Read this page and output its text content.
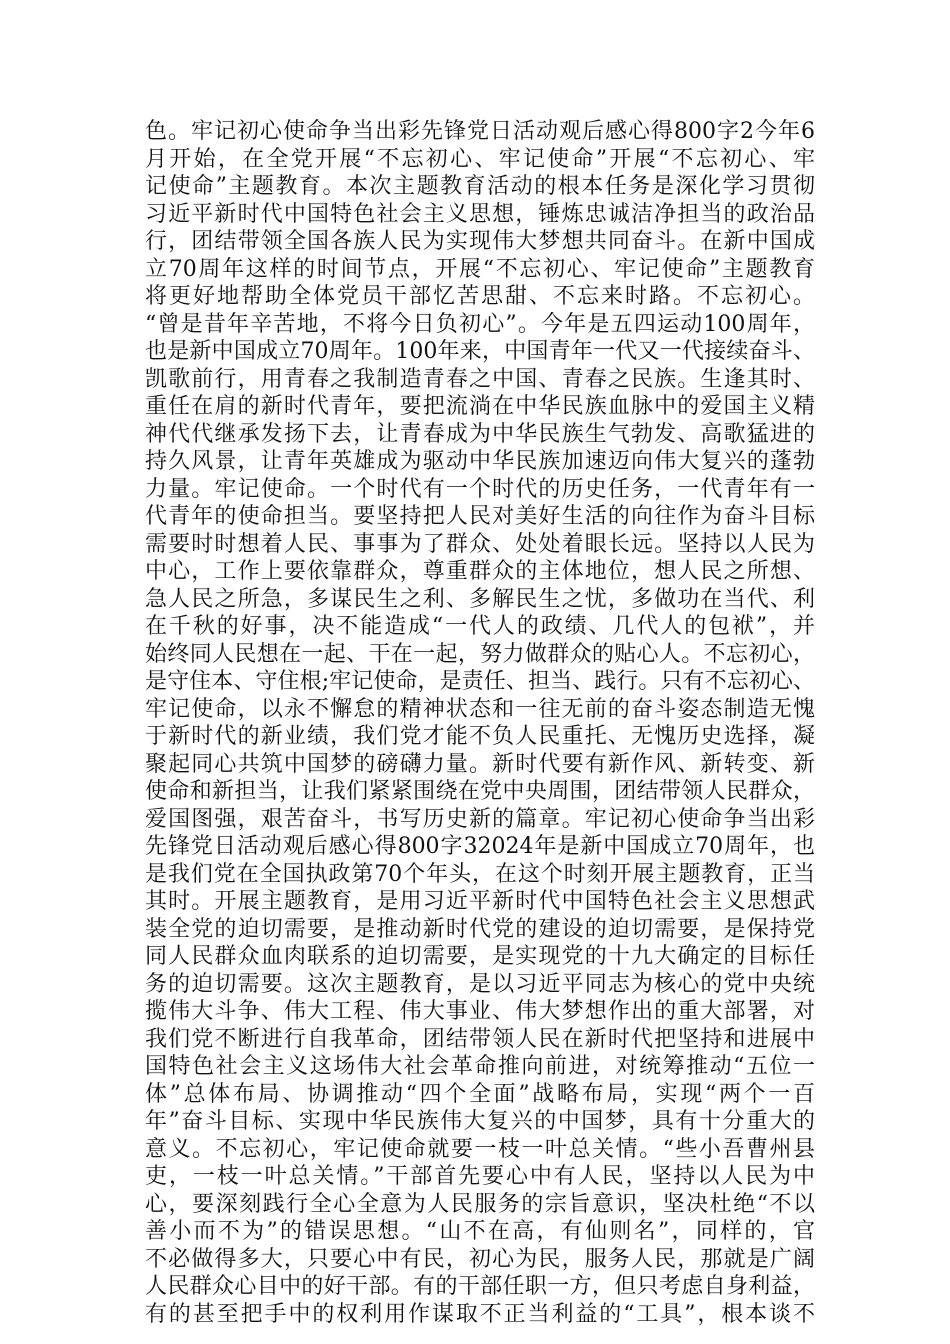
色。牢记初心使命争当出彩先锋党日活动观后感心得800字2今年6
月开始，在全党开展“不忘初心、牢记使命”开展“不忘初心、牢
记使命”主题教育。本次主题教育活动的根本任务是深化学习贯彻
习近平新时代中国特色社会主义思想，锤炼忠诚洁净担当的政治品
行，团结带领全国各族人民为实现伟大梦想共同奋斗。在新中国成
立70周年这样的时间节点，开展“不忘初心、牢记使命”主题教育
将更好地帮助全体党员干部忆苦思甜、不忘来时路。不忘初心。
“曾是昔年辛苦地，不将今日负初心”。今年是五四运动100周年，
也是新中国成立70周年。100年来，中国青年一代又一代接续奋斗、
凯歌前行，用青春之我制造青春之中国、青春之民族。生逢其时、
重任在肩的新时代青年，要把流淌在中华民族血脉中的爱国主义精
神代代继承发扬下去，让青春成为中华民族生气勃发、高歌猛进的
持久风景，让青年英雄成为驱动中华民族加速迈向伟大复兴的蓬勃
力量。牢记使命。一个时代有一个时代的历史任务，一代青年有一
代青年的使命担当。要坚持把人民对美好生活的向往作为奋斗目标
需要时时想着人民、事事为了群众、处处着眼长远。坚持以人民为
中心，工作上要依靠群众，尊重群众的主体地位，想人民之所想、
急人民之所急，多谋民生之利、多解民生之忧，多做功在当代、利
在千秋的好事，决不能造成“一代人的政绩、几代人的包袱”，并
始终同人民想在一起、干在一起，努力做群众的贴心人。不忘初心，
是守住本、守住根;牢记使命，是责任、担当、践行。只有不忘初心、
牢记使命，以永不懈怠的精神状态和一往无前的奋斗姿态制造无愧
于新时代的新业绩，我们党才能不负人民重托、无愧历史选择，凝
聚起同心共筑中国梦的磅礴力量。新时代要有新作风、新转变、新
使命和新担当，让我们紧紧围绕在党中央周围，团结带领人民群众，
爱国图强，艰苦奋斗，书写历史新的篇章。牢记初心使命争当出彩
先锋党日活动观后感心得800字32024年是新中国成立70周年，也
是我们党在全国执政第70个年头，在这个时刻开展主题教育，正当
其时。开展主题教育，是用习近平新时代中国特色社会主义思想武
装全党的迫切需要，是推动新时代党的建设的迫切需要，是保持党
同人民群众血肉联系的迫切需要，是实现党的十九大确定的目标任
务的迫切需要。这次主题教育，是以习近平同志为核心的党中央统
揽伟大斗争、伟大工程、伟大事业、伟大梦想作出的重大部署，对
我们党不断进行自我革命，团结带领人民在新时代把坚持和进展中
国特色社会主义这场伟大社会革命推向前进，对统筹推动“五位一
体”总体布局、协调推动“四个全面”战略布局，实现“两个一百
年”奋斗目标、实现中华民族伟大复兴的中国梦，具有十分重大的
意义。不忘初心，牢记使命就要一枝一叶总关情。“些小吾曹州县
吏，一枝一叶总关情。”干部首先要心中有人民，坚持以人民为中
心，要深刻践行全心全意为人民服务的宗旨意识，坚决杜绝“不以
善小而不为”的错误思想。“山不在高，有仙则名”，同样的，官
不必做得多大，只要心中有民，初心为民，服务人民，那就是广阔
人民群众心目中的好干部。有的干部任职一方，但只考虑自身利益，
有的甚至把手中的权利用作谋取不正当利益的“工具”，根本谈不
